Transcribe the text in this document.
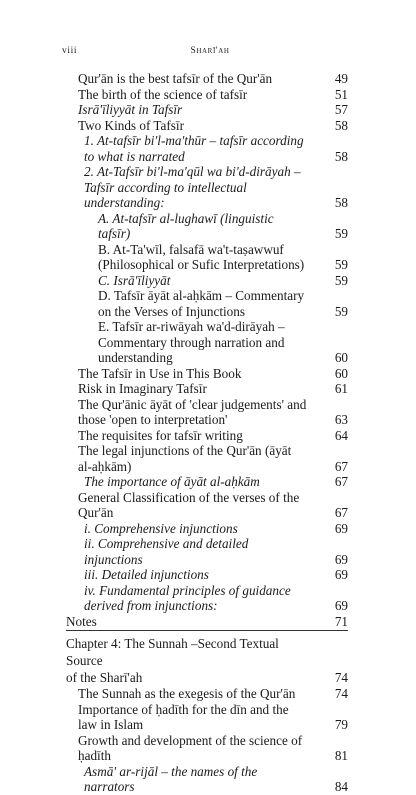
viii	Sharī'ah
Qur'ān is the best tafsīr of the Qur'ān	49
The birth of the science of tafsīr	51
Isrā'īliyyāt in Tafsīr	57
Two Kinds of Tafsīr	58
1. At-tafsīr bi'l-ma'thūr – tafsīr according to what is narrated	58
2. At-Tafsīr bi'l-ma'qūl wa bi'd-dirāyah – Tafsīr according to intellectual understanding:	58
A. At-tafsīr al-lughawī (linguistic tafsīr)	59
B. At-Ta'wīl, falsafā wa't-taṣawwuf (Philosophical or Sufic Interpretations)	59
C. Isrā'īliyyāt	59
D. Tafsīr āyāt al-aḥkām – Commentary on the Verses of Injunctions	59
E. Tafsīr ar-riwāyah wa'd-dirāyah – Commentary through narration and understanding	60
The Tafsīr in Use in This Book	60
Risk in Imaginary Tafsīr	61
The Qur'ānic āyāt of 'clear judgements' and those 'open to interpretation'	63
The requisites for tafsīr writing	64
The legal injunctions of the Qur'ān (āyāt al-aḥkām)	67
The importance of āyāt al-aḥkām	67
General Classification of the verses of the Qur'ān	67
i. Comprehensive injunctions	69
ii. Comprehensive and detailed injunctions	69
iii. Detailed injunctions	69
iv. Fundamental principles of guidance derived from injunctions:	69
Notes	71
Chapter 4: The Sunnah –Second Textual Source
of the Sharī'ah	74
The Sunnah as the exegesis of the Qur'ān	74
Importance of ḥadīth for the dīn and the law in Islam	79
Growth and development of the science of ḥadīth	81
Asmā' ar-rijāl – the names of the narrators	84
